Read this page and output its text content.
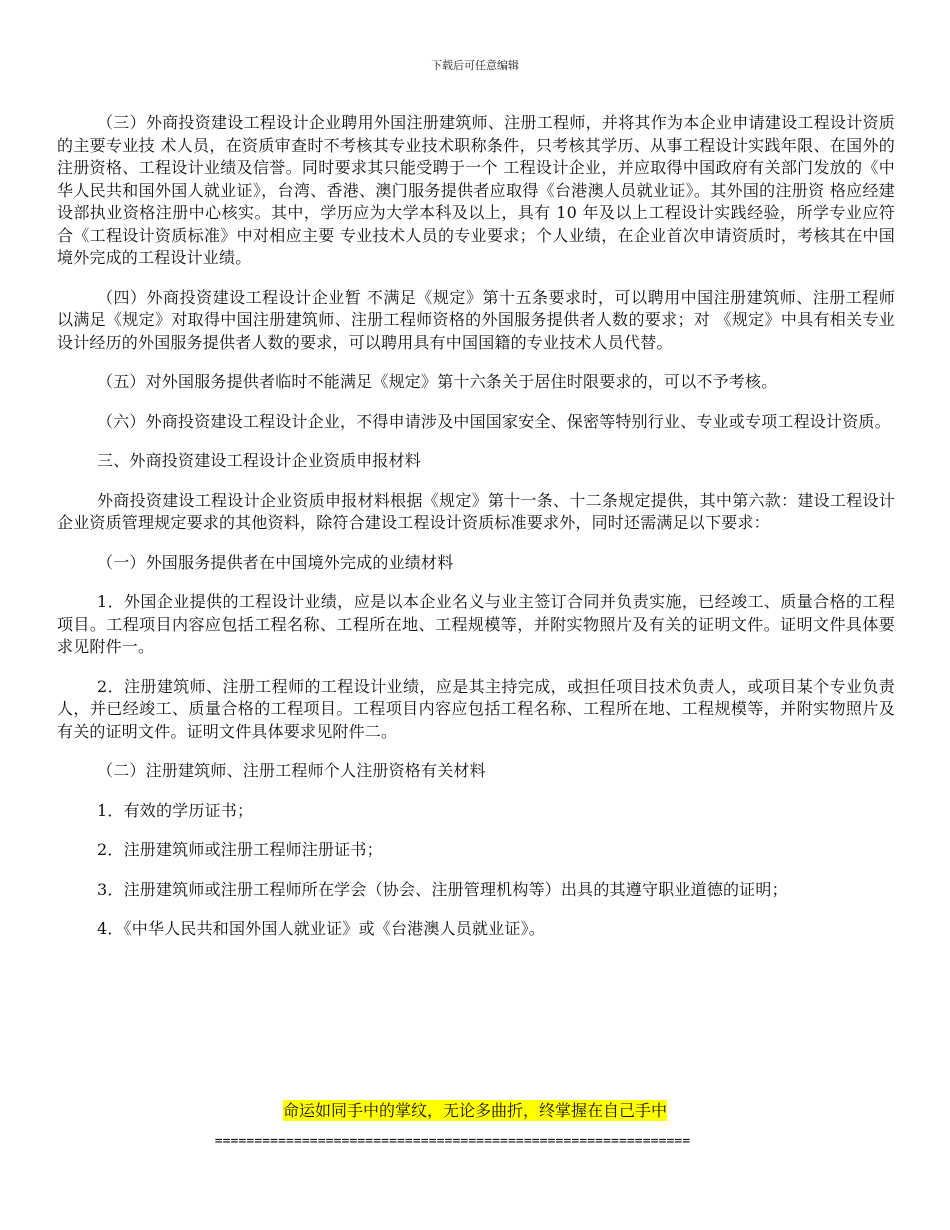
下载后可任意编辑

（三）外商投资建设工程设计企业聘用外国注册建筑师、注册工程师，并将其作为本企业申请建设工程设计资质的主要专业技 术人员，在资质审查时不考核其专业技术职称条件，只考核其学历、从事工程设计实践年限、在国外的注册资格、工程设计业绩及信誉。同时要求其只能受聘于一个 工程设计企业，并应取得中国政府有关部门发放的《中华人民共和国外国人就业证》，台湾、香港、澳门服务提供者应取得《台港澳人员就业证》。其外国的注册资 格应经建设部执业资格注册中心核实。其中，学历应为大学本科及以上，具有 10 年及以上工程设计实践经验，所学专业应符合《工程设计资质标准》中对相应主要 专业技术人员的专业要求；个人业绩，在企业首次申请资质时，考核其在中国境外完成的工程设计业绩。

（四）外商投资建设工程设计企业暂 不满足《规定》第十五条要求时，可以聘用中国注册建筑师、注册工程师以满足《规定》对取得中国注册建筑师、注册工程师资格的外国服务提供者人数的要求；对 《规定》中具有相关专业设计经历的外国服务提供者人数的要求，可以聘用具有中国国籍的专业技术人员代替。

（五）对外国服务提供者临时不能满足《规定》第十六条关于居住时限要求的，可以不予考核。

（六）外商投资建设工程设计企业，不得申请涉及中国国家安全、保密等特别行业、专业或专项工程设计资质。

三、外商投资建设工程设计企业资质申报材料

外商投资建设工程设计企业资质申报材料根据《规定》第十一条、十二条规定提供，其中第六款：建设工程设计企业资质管理规定要求的其他资料，除符合建设工程设计资质标准要求外，同时还需满足以下要求：

（一）外国服务提供者在中国境外完成的业绩材料

1．外国企业提供的工程设计业绩，应是以本企业名义与业主签订合同并负责实施，已经竣工、质量合格的工程项目。工程项目内容应包括工程名称、工程所在地、工程规模等，并附实物照片及有关的证明文件。证明文件具体要求见附件一。

2．注册建筑师、注册工程师的工程设计业绩，应是其主持完成，或担任项目技术负责人，或项目某个专业负责人，并已经竣工、质量合格的工程项目。工程项目内容应包括工程名称、工程所在地、工程规模等，并附实物照片及有关的证明文件。证明文件具体要求见附件二。

（二）注册建筑师、注册工程师个人注册资格有关材料

1．有效的学历证书；

2．注册建筑师或注册工程师注册证书；

3．注册建筑师或注册工程师所在学会（协会、注册管理机构等）出具的其遵守职业道德的证明；

4．《中华人民共和国外国人就业证》或《台港澳人员就业证》。

命运如同手中的掌纹，无论多曲折，终掌握在自己手中
============================================================
